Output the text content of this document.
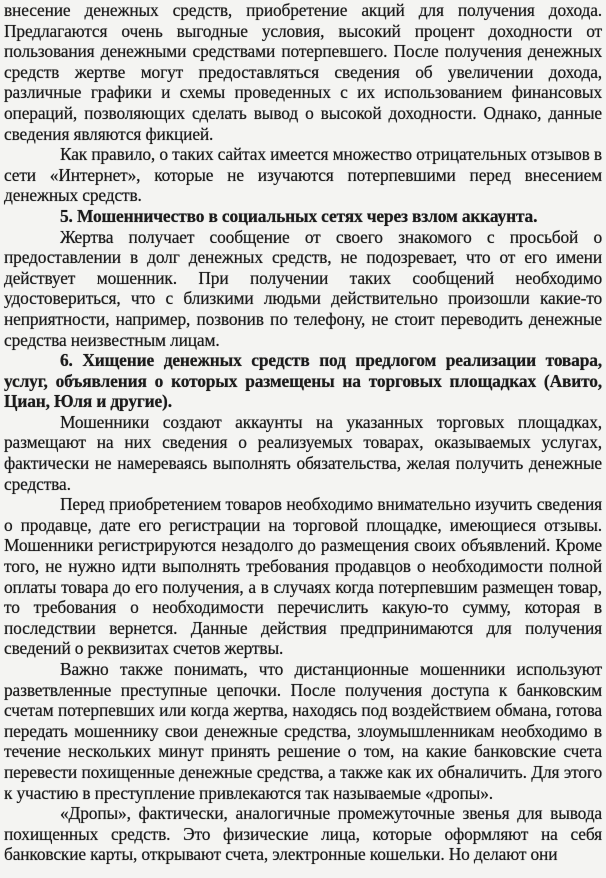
внесение денежных средств, приобретение акций для получения дохода. Предлагаются очень выгодные условия, высокий процент доходности от пользования денежными средствами потерпевшего. После получения денежных средств жертве могут предоставляться сведения об увеличении дохода, различные графики и схемы проведенных с их использованием финансовых операций, позволяющих сделать вывод о высокой доходности. Однако, данные сведения являются фикцией.

Как правило, о таких сайтах имеется множество отрицательных отзывов в сети «Интернет», которые не изучаются потерпевшими перед внесением денежных средств.

5. Мошенничество в социальных сетях через взлом аккаунта.

Жертва получает сообщение от своего знакомого с просьбой о предоставлении в долг денежных средств, не подозревает, что от его имени действует мошенник. При получении таких сообщений необходимо удостовериться, что с близкими людьми действительно произошли какие-то неприятности, например, позвонив по телефону, не стоит переводить денежные средства неизвестным лицам.

6. Хищение денежных средств под предлогом реализации товара, услуг, объявления о которых размещены на торговых площадках (Авито, Циан, Юля и другие).

Мошенники создают аккаунты на указанных торговых площадках, размещают на них сведения о реализуемых товарах, оказываемых услугах, фактически не намереваясь выполнять обязательства, желая получить денежные средства.

Перед приобретением товаров необходимо внимательно изучить сведения о продавце, дате его регистрации на торговой площадке, имеющиеся отзывы. Мошенники регистрируются незадолго до размещения своих объявлений. Кроме того, не нужно идти выполнять требования продавцов о необходимости полной оплаты товара до его получения, а в случаях когда потерпевшим размещен товар, то требования о необходимости перечислить какую-то сумму, которая в последствии вернется. Данные действия предпринимаются для получения сведений о реквизитах счетов жертвы.

Важно также понимать, что дистанционные мошенники используют разветвленные преступные цепочки. После получения доступа к банковским счетам потерпевших или когда жертва, находясь под воздействием обмана, готова передать мошеннику свои денежные средства, злоумышленникам необходимо в течение нескольких минут принять решение о том, на какие банковские счета перевести похищенные денежные средства, а также как их обналичить. Для этого к участию в преступление привлекаются так называемые «дропы».

«Дропы», фактически, аналогичные промежуточные звенья для вывода похищенных средств. Это физические лица, которые оформляют на себя банковские карты, открывают счета, электронные кошельки. Но делают они
